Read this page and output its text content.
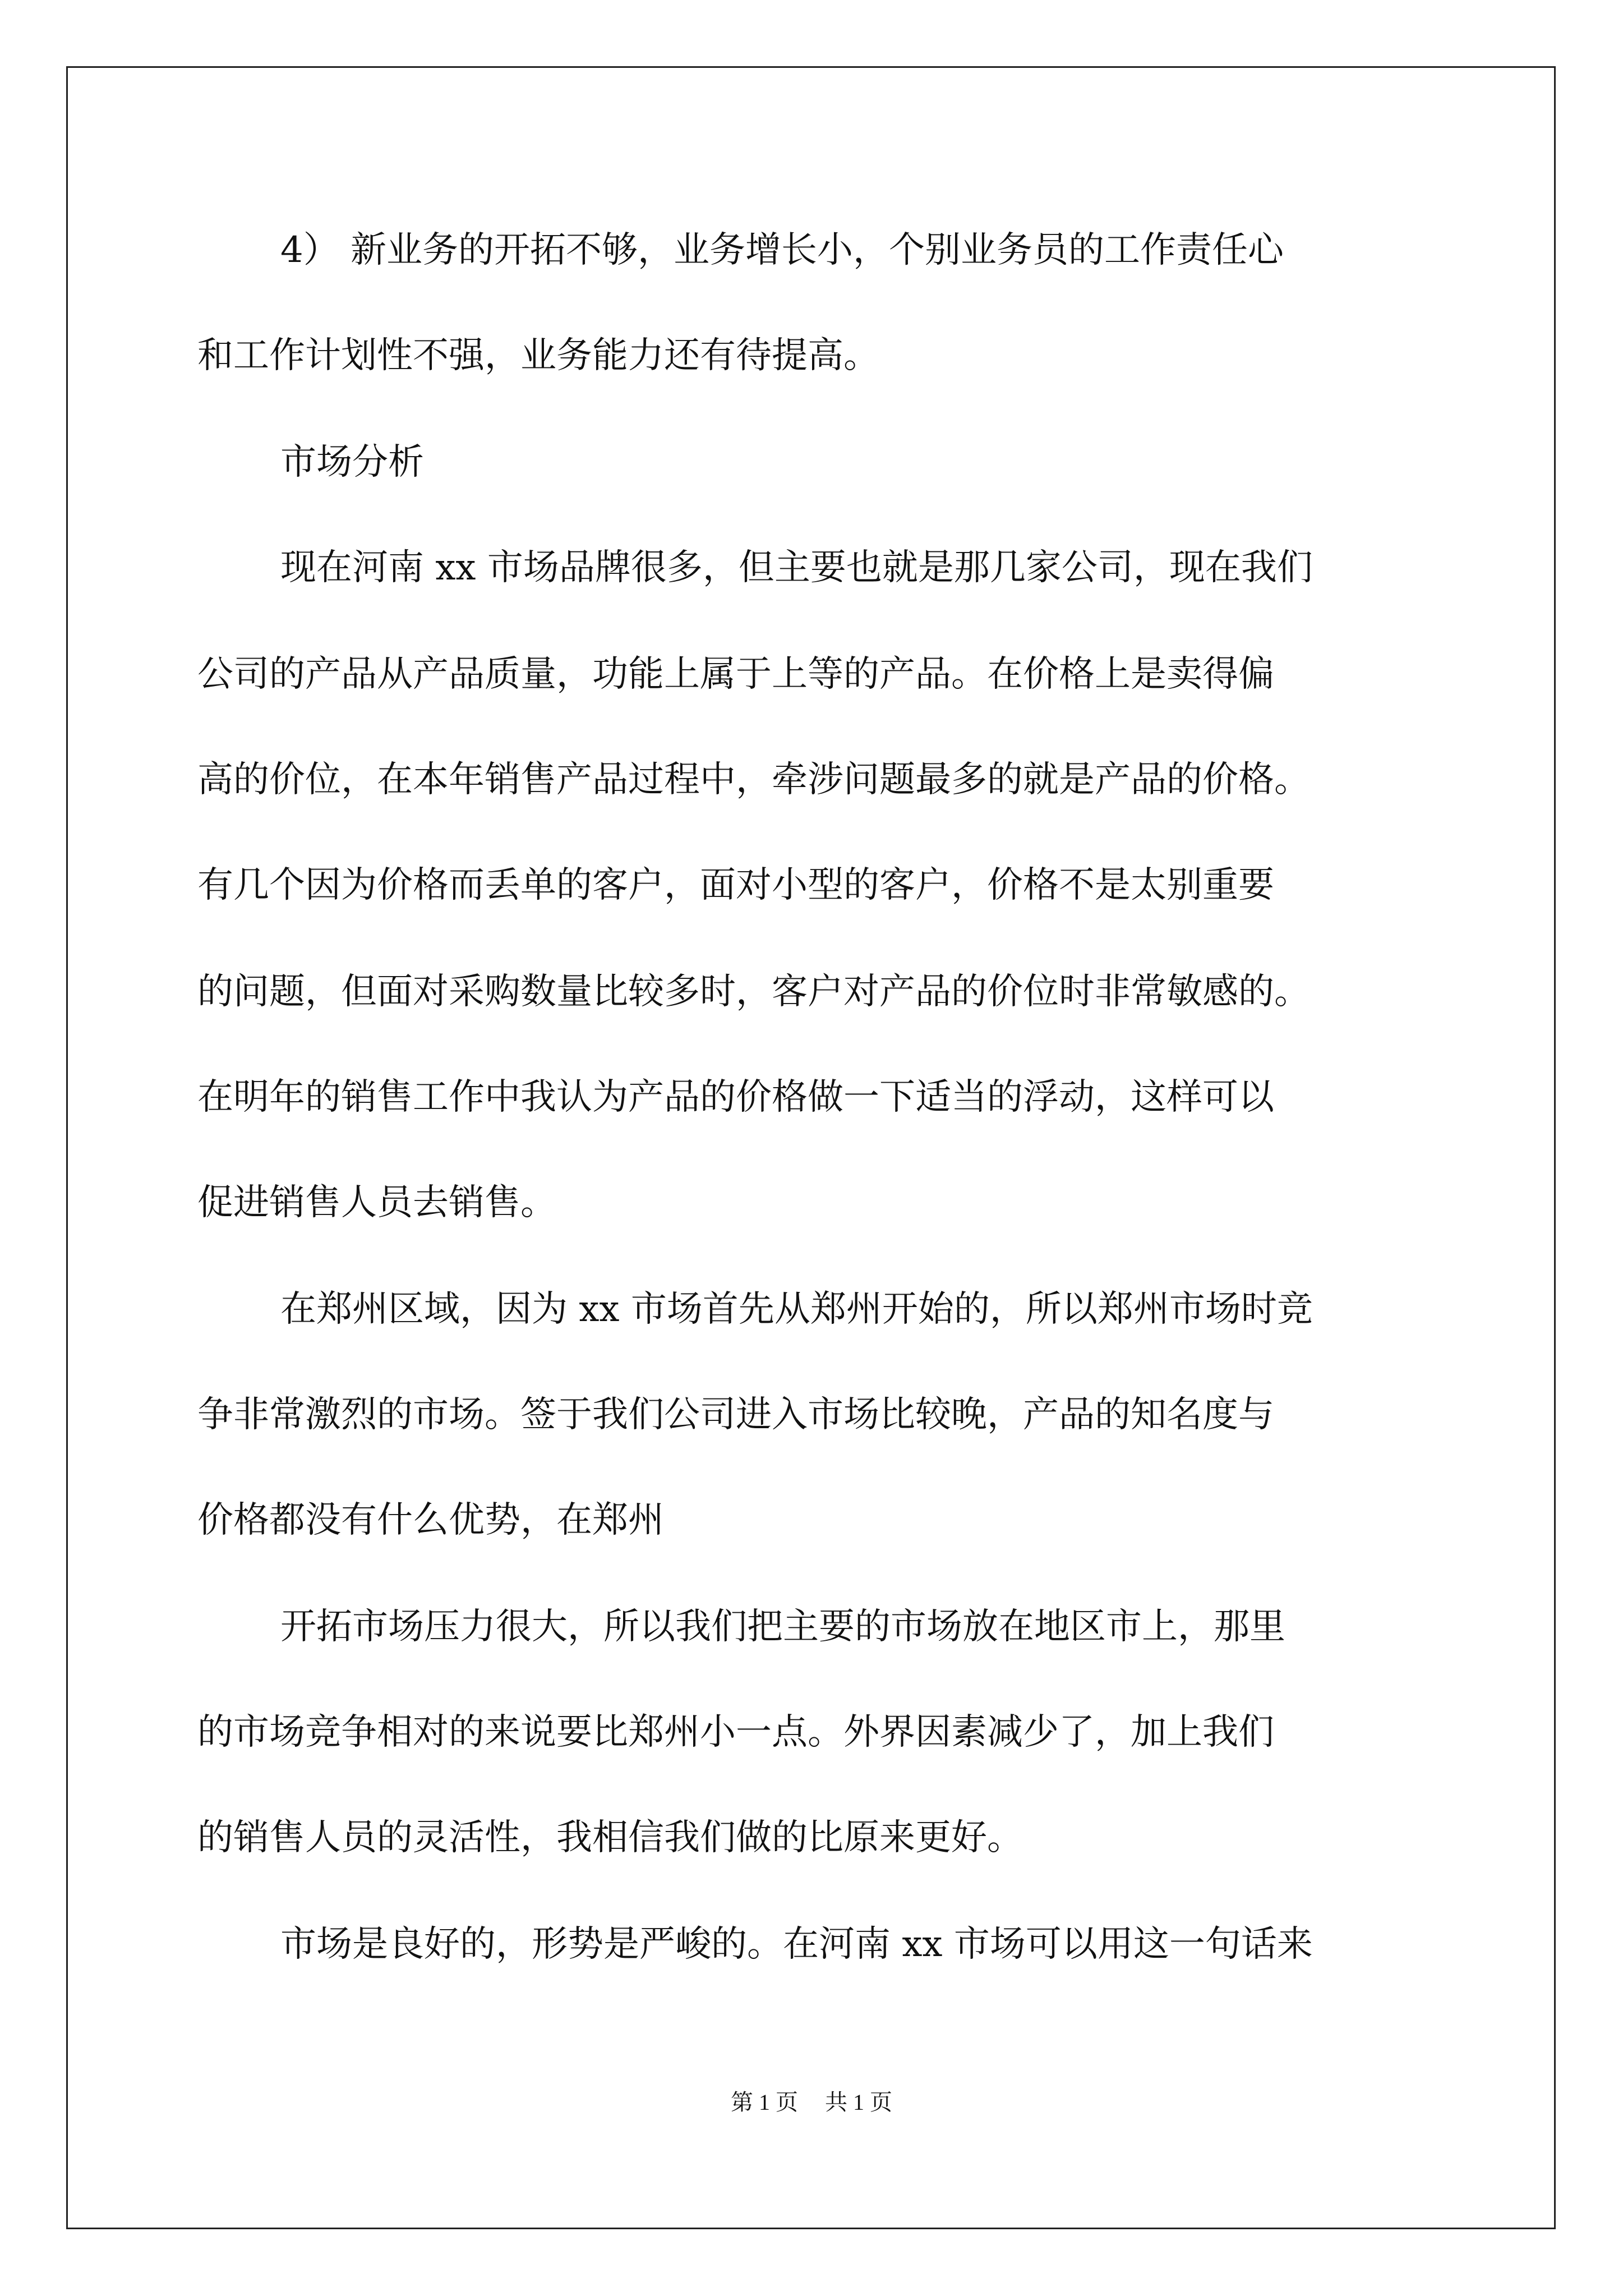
4） 新业务的开拓不够，业务增长小，个别业务员的工作责任心
和工作计划性不强，业务能力还有待提高。
市场分析
现在河南 xx 市场品牌很多，但主要也就是那几家公司，现在我们
公司的产品从产品质量，功能上属于上等的产品。在价格上是卖得偏
高的价位，在本年销售产品过程中，牵涉问题最多的就是产品的价格。
有几个因为价格而丢单的客户，面对小型的客户，价格不是太别重要
的问题，但面对采购数量比较多时，客户对产品的价位时非常敏感的。
在明年的销售工作中我认为产品的价格做一下适当的浮动，这样可以
促进销售人员去销售。
在郑州区域，因为 xx 市场首先从郑州开始的，所以郑州市场时竞
争非常激烈的市场。签于我们公司进入市场比较晚，产品的知名度与
价格都没有什么优势，在郑州
开拓市场压力很大，所以我们把主要的市场放在地区市上，那里
的市场竞争相对的来说要比郑州小一点。外界因素减少了，加上我们
的销售人员的灵活性，我相信我们做的比原来更好。
市场是良好的，形势是严峻的。在河南 xx 市场可以用这一句话来
第 1 页 共 1 页
